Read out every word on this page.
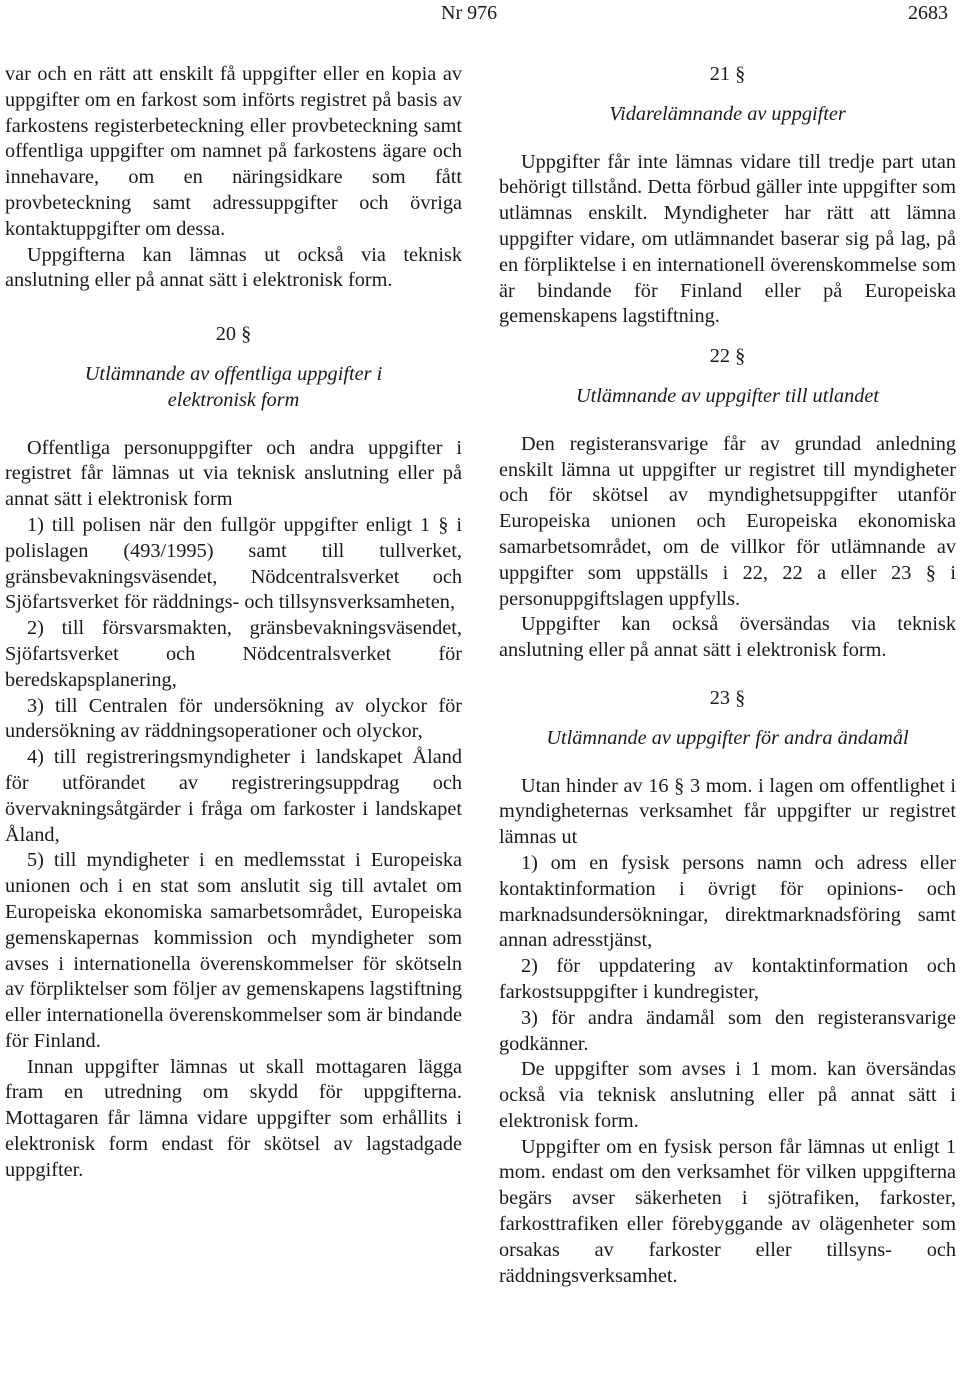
Nr 976	2683

var och en rätt att enskilt få uppgifter eller en kopia av uppgifter om en farkost som införts registret på basis av farkostens registerbeteckning eller provbeteckning samt offentliga uppgifter om namnet på farkostens ägare och innehavare, om en näringsidkare som fått provbeteckning samt adressuppgifter och övriga kontaktuppgifter om dessa.

Uppgifterna kan lämnas ut också via teknisk anslutning eller på annat sätt i elektronisk form.

20 §

Utlämnande av offentliga uppgifter i elektronisk form

Offentliga personuppgifter och andra uppgifter i registret får lämnas ut via teknisk anslutning eller på annat sätt i elektronisk form

1) till polisen när den fullgör uppgifter enligt 1 § i polislagen (493/1995) samt till tullverket, gränsbevakningsväsendet, Nödcentralsverket och Sjöfartsverket för räddnings- och tillsynsverksamheten,

2) till försvarsmakten, gränsbevakningsväsendet, Sjöfartsverket och Nödcentralsverket för beredskapsplanering,

3) till Centralen för undersökning av olyckor för undersökning av räddningsoperationer och olyckor,

4) till registreringsmyndigheter i landskapet Åland för utförandet av registreringsuppdrag och övervakningsåtgärder i fråga om farkoster i landskapet Åland,

5) till myndigheter i en medlemsstat i Europeiska unionen och i en stat som anslutit sig till avtalet om Europeiska ekonomiska samarbetsområdet, Europeiska gemenskapernas kommission och myndigheter som avses i internationella överenskommelser för skötseln av förpliktelser som följer av gemenskapens lagstiftning eller internationella överenskommelser som är bindande för Finland.

Innan uppgifter lämnas ut skall mottagaren lägga fram en utredning om skydd för uppgifterna. Mottagaren får lämna vidare uppgifter som erhållits i elektronisk form endast för skötsel av lagstadgade uppgifter.

21 §

Vidarelämnande av uppgifter

Uppgifter får inte lämnas vidare till tredje part utan behörigt tillstånd. Detta förbud gäller inte uppgifter som utlämnas enskilt. Myndigheter har rätt att lämna uppgifter vidare, om utlämnandet baserar sig på lag, på en förpliktelse i en internationell överenskommelse som är bindande för Finland eller på Europeiska gemenskapens lagstiftning.

22 §

Utlämnande av uppgifter till utlandet

Den registeransvarige får av grundad anledning enskilt lämna ut uppgifter ur registret till myndigheter och för skötsel av myndighetsuppgifter utanför Europeiska unionen och Europeiska ekonomiska samarbetsområdet, om de villkor för utlämnande av uppgifter som uppställs i 22, 22 a eller 23 § i personuppgiftslagen uppfylls.

Uppgifter kan också översändas via teknisk anslutning eller på annat sätt i elektronisk form.

23 §

Utlämnande av uppgifter för andra ändamål

Utan hinder av 16 § 3 mom. i lagen om offentlighet i myndigheternas verksamhet får uppgifter ur registret lämnas ut

1) om en fysisk persons namn och adress eller kontaktinformation i övrigt för opinions- och marknadsundersökningar, direktmarknadsföring samt annan adresstjänst,

2) för uppdatering av kontaktinformation och farkostsuppgifter i kundregister,

3) för andra ändamål som den registeransvarige godkänner.

De uppgifter som avses i 1 mom. kan översändas också via teknisk anslutning eller på annat sätt i elektronisk form.

Uppgifter om en fysisk person får lämnas ut enligt 1 mom. endast om den verksamhet för vilken uppgifterna begärs avser säkerheten i sjötrafiken, farkoster, farkosttrafiken eller förebyggande av olägenheter som orsakas av farkoster eller tillsyns- och räddningsverksamhet.
